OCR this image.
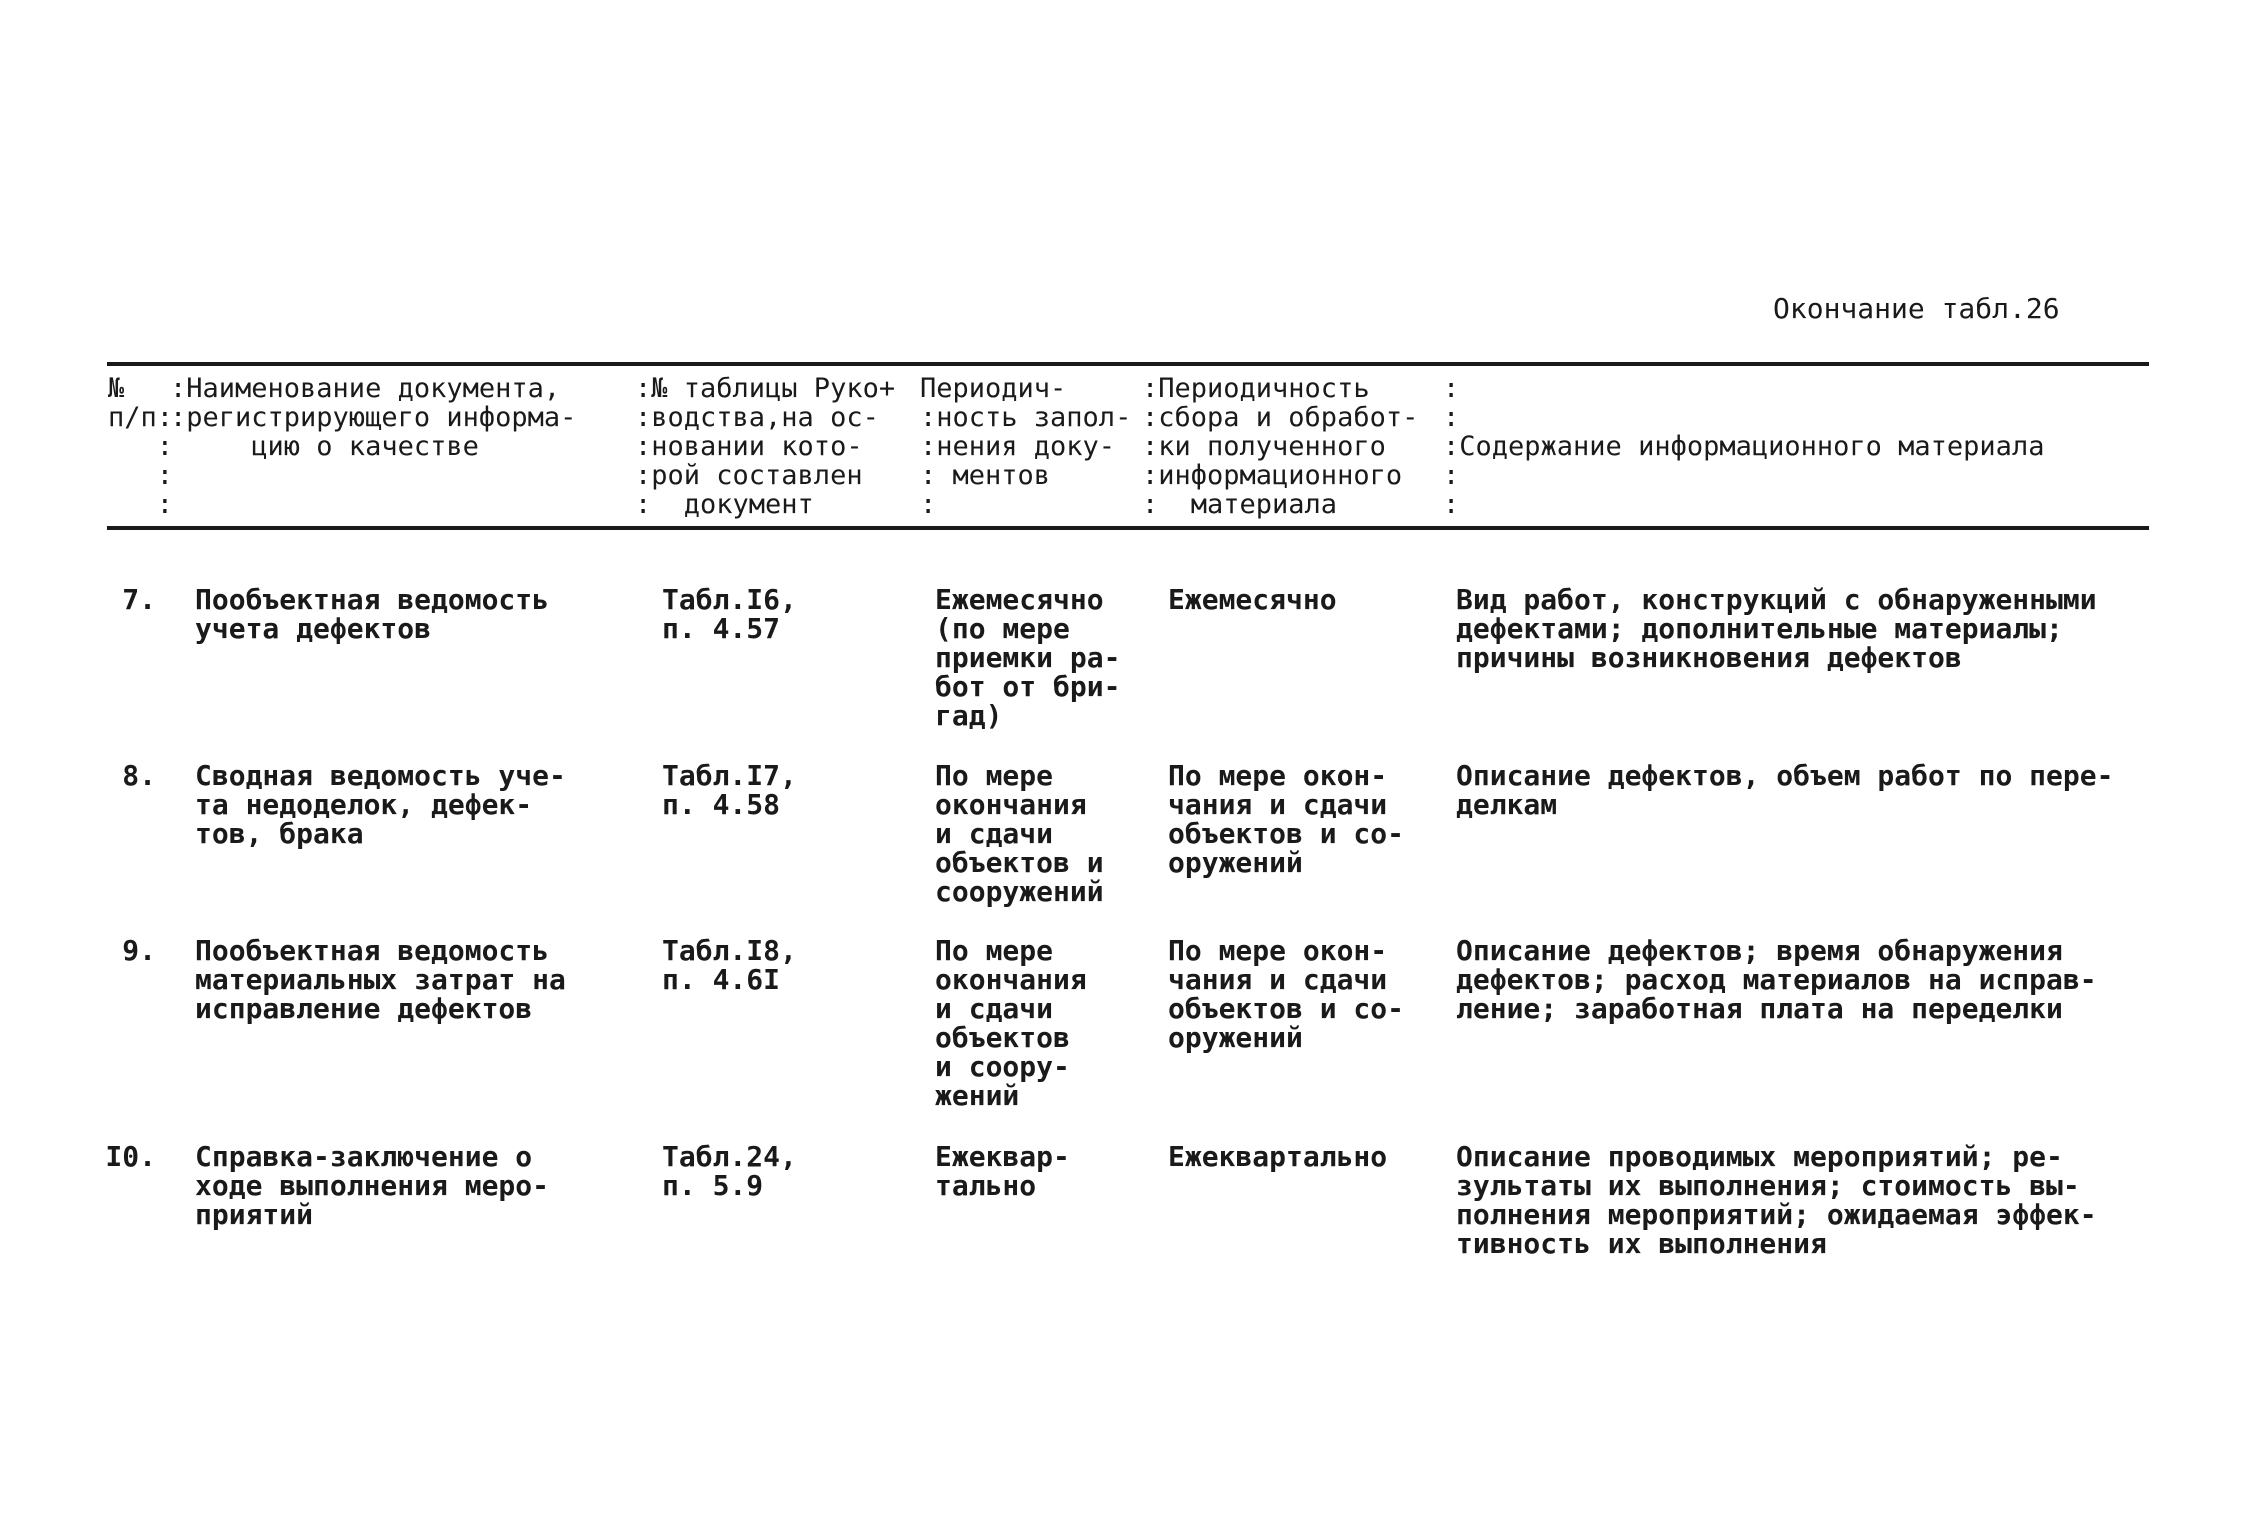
Окончание табл.26
№
п/п:
:
:
:
:Наименование документа,
:регистрирующего информа-
цию о качестве
:№ таблицы Руко+
:водства,на ос-
:новании кото-
:рой составлен
:  документ
Периодич-
:ность запол-
:нения доку-
: ментов
:
:Периодичность
:сбора и обработ-
:ки полученного
:информационного
:  материала
:
:
:Содержание информационного материала
:
:
7. Пообъектная ведомость
учета дефектов
Табл.I6,
п. 4.57
Ежемесячно
(по мере
приемки ра-
бот от бри-
гад)
Ежемесячно	Вид работ, конструкций с обнаруженными
дефектами; дополнительные материалы;
причины возникновения дефектов
8. Сводная ведомость уче-
та недоделок, дефек-
тов, брака
Табл.I7,
п. 4.58
По мере
окончания
и сдачи
объектов и
сооружений
По мере окон-
чания и сдачи
объектов и со-
оружений
Описание дефектов, объем работ по пере-
делкам
9. Пообъектная ведомость
материальных затрат на
исправление дефектов
Табл.I8,
п. 4.6I
По мере
окончания
и сдачи
объектов
и соору-
жений
По мере окон-
чания и сдачи
объектов и со-
оружений
Описание дефектов; время обнаружения
дефектов; расход материалов на исправ-
ление; заработная плата на переделки
I0. Справка-заключение о
ходе выполнения меро-
приятий
Табл.24,
п. 5.9
Ежеквар-
тально
Ежеквартально Описание проводимых мероприятий; ре-
зультаты их выполнения; стоимость вы-
полнения мероприятий; ожидаемая эффек-
тивность их выполнения
